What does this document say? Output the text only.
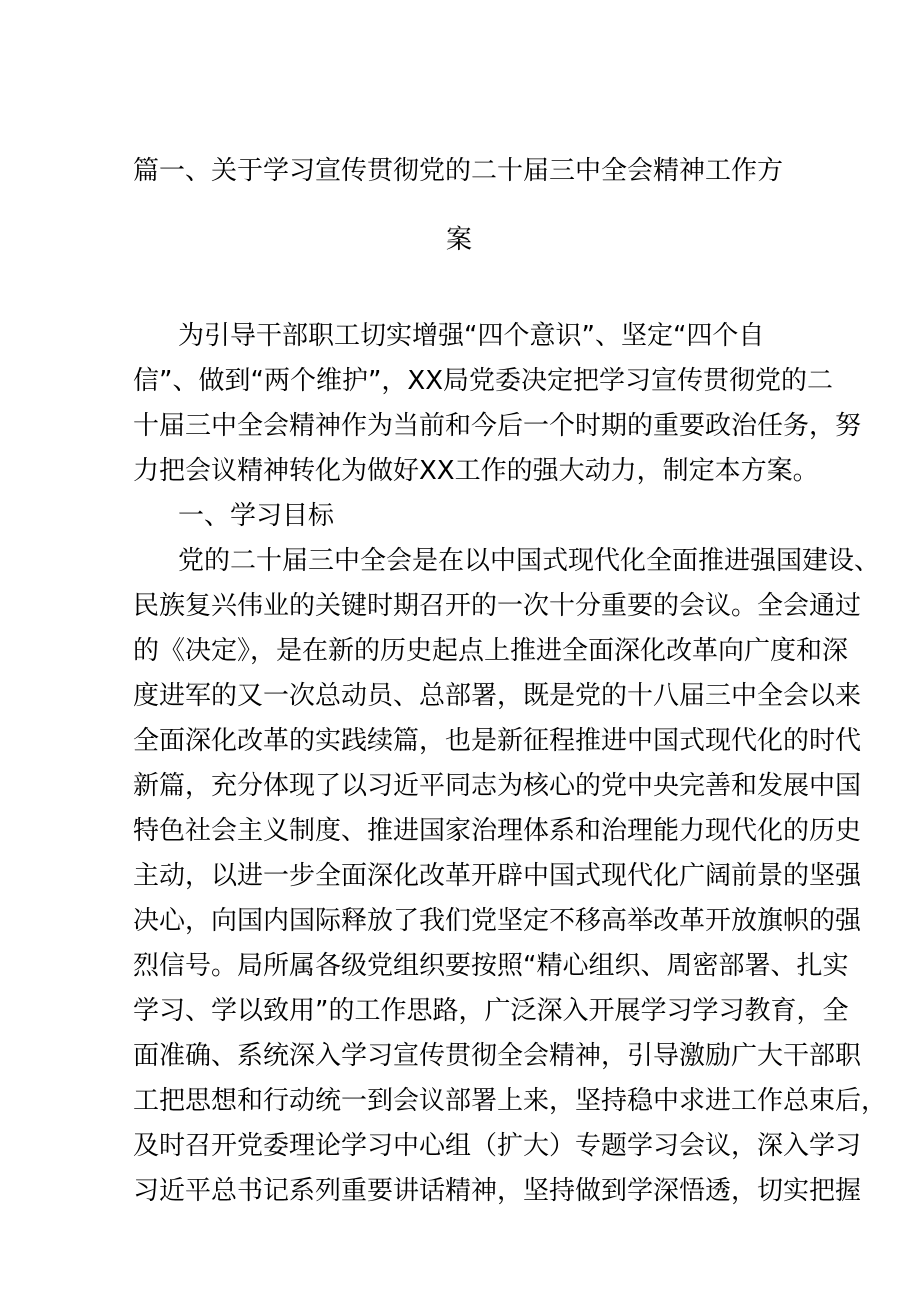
篇一、关于学习宣传贯彻党的二十届三中全会精神工作方
案
为引导干部职工切实增强“四个意识”、坚定“四个自
信”、做到“两个维护”，XX局党委决定把学习宣传贯彻党的二
十届三中全会精神作为当前和今后一个时期的重要政治任务，努
力把会议精神转化为做好XX工作的强大动力，制定本方案。
一、学习目标
党的二十届三中全会是在以中国式现代化全面推进强国建设、
民族复兴伟业的关键时期召开的一次十分重要的会议。全会通过
的《决定》，是在新的历史起点上推进全面深化改革向广度和深
度进军的又一次总动员、总部署，既是党的十八届三中全会以来
全面深化改革的实践续篇，也是新征程推进中国式现代化的时代
新篇，充分体现了以习近平同志为核心的党中央完善和发展中国
特色社会主义制度、推进国家治理体系和治理能力现代化的历史
主动，以进一步全面深化改革开辟中国式现代化广阔前景的坚强
决心，向国内国际释放了我们党坚定不移高举改革开放旗帜的强
烈信号。局所属各级党组织要按照“精心组织、周密部署、扎实
学习、学以致用”的工作思路，广泛深入开展学习学习教育，全
面准确、系统深入学习宣传贯彻全会精神，引导激励广大干部职
工把思想和行动统一到会议部署上来，坚持稳中求进工作总束后，
及时召开党委理论学习中心组（扩大）专题学习会议，深入学习
习近平总书记系列重要讲话精神，坚持做到学深悟透，切实把握
